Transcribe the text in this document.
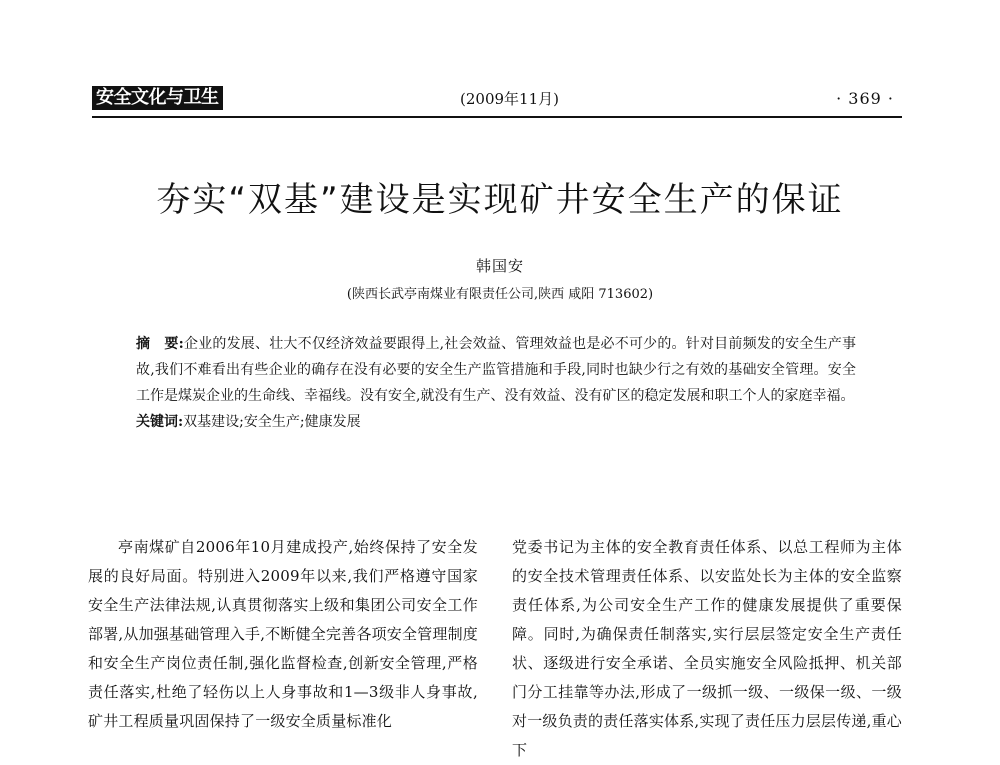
安全文化与卫生	(2009年11月)	· 369 ·
夯实“双基”建设是实现矿井安全生产的保证
韩国安
(陕西长武亭南煤业有限责任公司,陕西 咸阳 713602)

摘　要:企业的发展、壮大不仅经济效益要跟得上,社会效益、管理效益也是必不可少的。针对目前频发的安全生产事故,我们不难看出有些企业的确存在没有必要的安全生产监管措施和手段,同时也缺少行之有效的基础安全管理。安全工作是煤炭企业的生命线、幸福线。没有安全,就没有生产、没有效益、没有矿区的稳定发展和职工个人的家庭幸福。

关键词:双基建设;安全生产;健康发展

亭南煤矿自2006年10月建成投产,始终保持了安全发展的良好局面。特别进入2009年以来,我们严格遵守国家安全生产法律法规,认真贯彻落实上级和集团公司安全工作部署,从加强基础管理入手,不断健全完善各项安全管理制度和安全生产岗位责任制,强化监督检查,创新安全管理,严格责任落实,杜绝了轻伤以上人身事故和1—3级非人身事故,矿井工程质量巩固保持了一级安全质量标准化

党委书记为主体的安全教育责任体系、以总工程师为主体的安全技术管理责任体系、以安监处长为主体的安全监察责任体系,为公司安全生产工作的健康发展提供了重要保障。同时,为确保责任制落实,实行层层签定安全生产责任状、逐级进行安全承诺、全员实施安全风险抵押、机关部门分工挂靠等办法,形成了一级抓一级、一级保一级、一级对一级负责的责任落实体系,实现了责任压力层层传递,重心下
